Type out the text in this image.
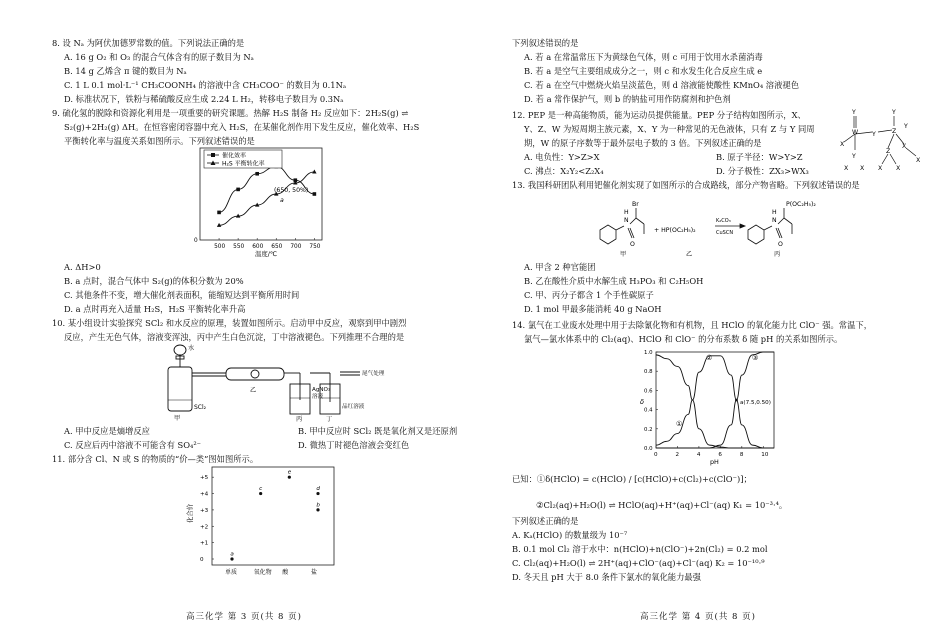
8. 设 Nₐ 为阿伏加德罗常数的值。下列说法正确的是
A. 16 g O₂ 和 O₃ 的混合气体含有的原子数目为 Nₐ
B. 14 g 乙烯含 π 键的数目为 Nₐ
C. 1 L 0.1 mol·L⁻¹ CH₃COONH₄ 的溶液中含 CH₃COO⁻ 的数目为 0.1Nₐ
D. 标准状况下，铁粉与稀硫酸反应生成 2.24 L H₂，转移电子数目为 0.3Nₐ
9. 硫化氢的脱除和资源化利用是一项重要的研究课题。热解 H₂S 制备 H₂ 反应如下：2H₂S(g) ⇌
S₂(g)+2H₂(g) ΔH。在恒容密闭容器中充入 H₂S，在某催化剂作用下发生反应，催化效率、H₂S
平衡转化率与温度关系如图所示。下列叙述错误的是
500 550 600 650 700 750
0
催化效率
H₂S 平衡转化率
(650, 50%)
a
温度/℃
A. ΔH>0
B. a 点时，混合气体中 S₂(g)的体积分数为 20%
C. 其他条件不变，增大催化剂表面积，能缩短达到平衡所用时间
D. a 点时再充入适量 H₂S，H₂S 平衡转化率升高
10. 某小组设计实验探究 SCl₂ 和水反应的原理，装置如图所示。启动甲中反应，观察到甲中剧烈
反应，产生无色气体，溶液变浑浊，丙中产生白色沉淀，丁中溶液褪色。下列推理不合理的是
水
SCl₂
甲
乙	AgNO₃
溶液
丙
品红溶液
丁
尾气处理
A. 甲中反应是熵增反应	B. 甲中反应时 SCl₂ 既是氧化剂又是还原剂
C. 反应后丙中溶液不可能含有 SO₄²⁻	D. 微热丁时褪色溶液会变红色
11. 部分含 Cl、N 或 S 的物质的“价—类”图如图所示。
0
+1
+2
+3
+4
+5
单质	氧化物 酸	盐
a
c
e
d
b
化合价
高三化学 第 3 页(共 8 页)
下列叙述错误的是
A. 若 a 在常温常压下为黄绿色气体，则 c 可用于饮用水杀菌消毒
B. 若 a 是空气主要组成成分之一，则 c 和水发生化合反应生成 e
C. 若 a 在空气中燃烧火焰呈淡蓝色，则 d 溶液能使酸性 KMnO₄ 溶液褪色
D. 若 a 常作保护气，则 b 的钠盐可用作防腐剂和护色剂
12. PEP 是一种高能物质，能为运动员提供能量。PEP 分子结构如图所示，X、
Y、Z、W 为短周期主族元素，X、Y 为一种常见的无色液体，只有 Z 与 Y 同周
期，W 的原子序数等于最外层电子数的 3 倍。下列叙述正确的是
Y	Y
Z
W
Z
X	X
X
Y
Y
X
Y
X
X X
A. 电负性：Y>Z>X	B. 原子半径：W>Y>Z
C. 沸点：X₂Y₂<Z₂X₄	D. 分子极性：ZX₃>WX₃
13. 我国科研团队利用钯催化剂实现了如图所示的合成路线，部分产物省略。下列叙述错误的是
Br
N
H
O
+ HP(OC₂H₅)₂
K₂CO₃
CuSCN
N
H
P(OC₂H₅)₂
O
甲	乙	丙
A. 甲含 2 种官能团
B. 乙在酸性介质中水解生成 H₃PO₃ 和 C₂H₅OH
C. 甲、丙分子都含 1 个手性碳原子
D. 1 mol 甲最多能消耗 40 g NaOH
14. 氯气在工业废水处理中用于去除氰化物和有机物，且 HClO 的氧化能力比 ClO⁻ 强。常温下，
氯气—氯水体系中的 Cl₂(aq)、HClO 和 ClO⁻ 的分布系数 δ 随 pH 的关系如图所示。
0	2	4	6	8	10
0.0
0.2
0.4
0.6
0.8
1.0
δ
pH
①
②	③
a(7.5,0.50)
已知：①δ(HClO) = c(HClO) / [c(HClO)+c(Cl₂)+c(ClO⁻)]；
②Cl₂(aq)+H₂O(l) ⇌ HClO(aq)+H⁺(aq)+Cl⁻(aq) K₁ = 10⁻³·⁴。
下列叙述正确的是
A. Kₐ(HClO) 的数量级为 10⁻⁷
B. 0.1 mol Cl₂ 溶于水中：n(HClO)+n(ClO⁻)+2n(Cl₂) = 0.2 mol
C. Cl₂(aq)+H₂O(l) ⇌ 2H⁺(aq)+ClO⁻(aq)+Cl⁻(aq) K₂ = 10⁻¹⁰·⁹
D. 冬天且 pH 大于 8.0 条件下氯水的氧化能力最强
高三化学 第 4 页(共 8 页)
